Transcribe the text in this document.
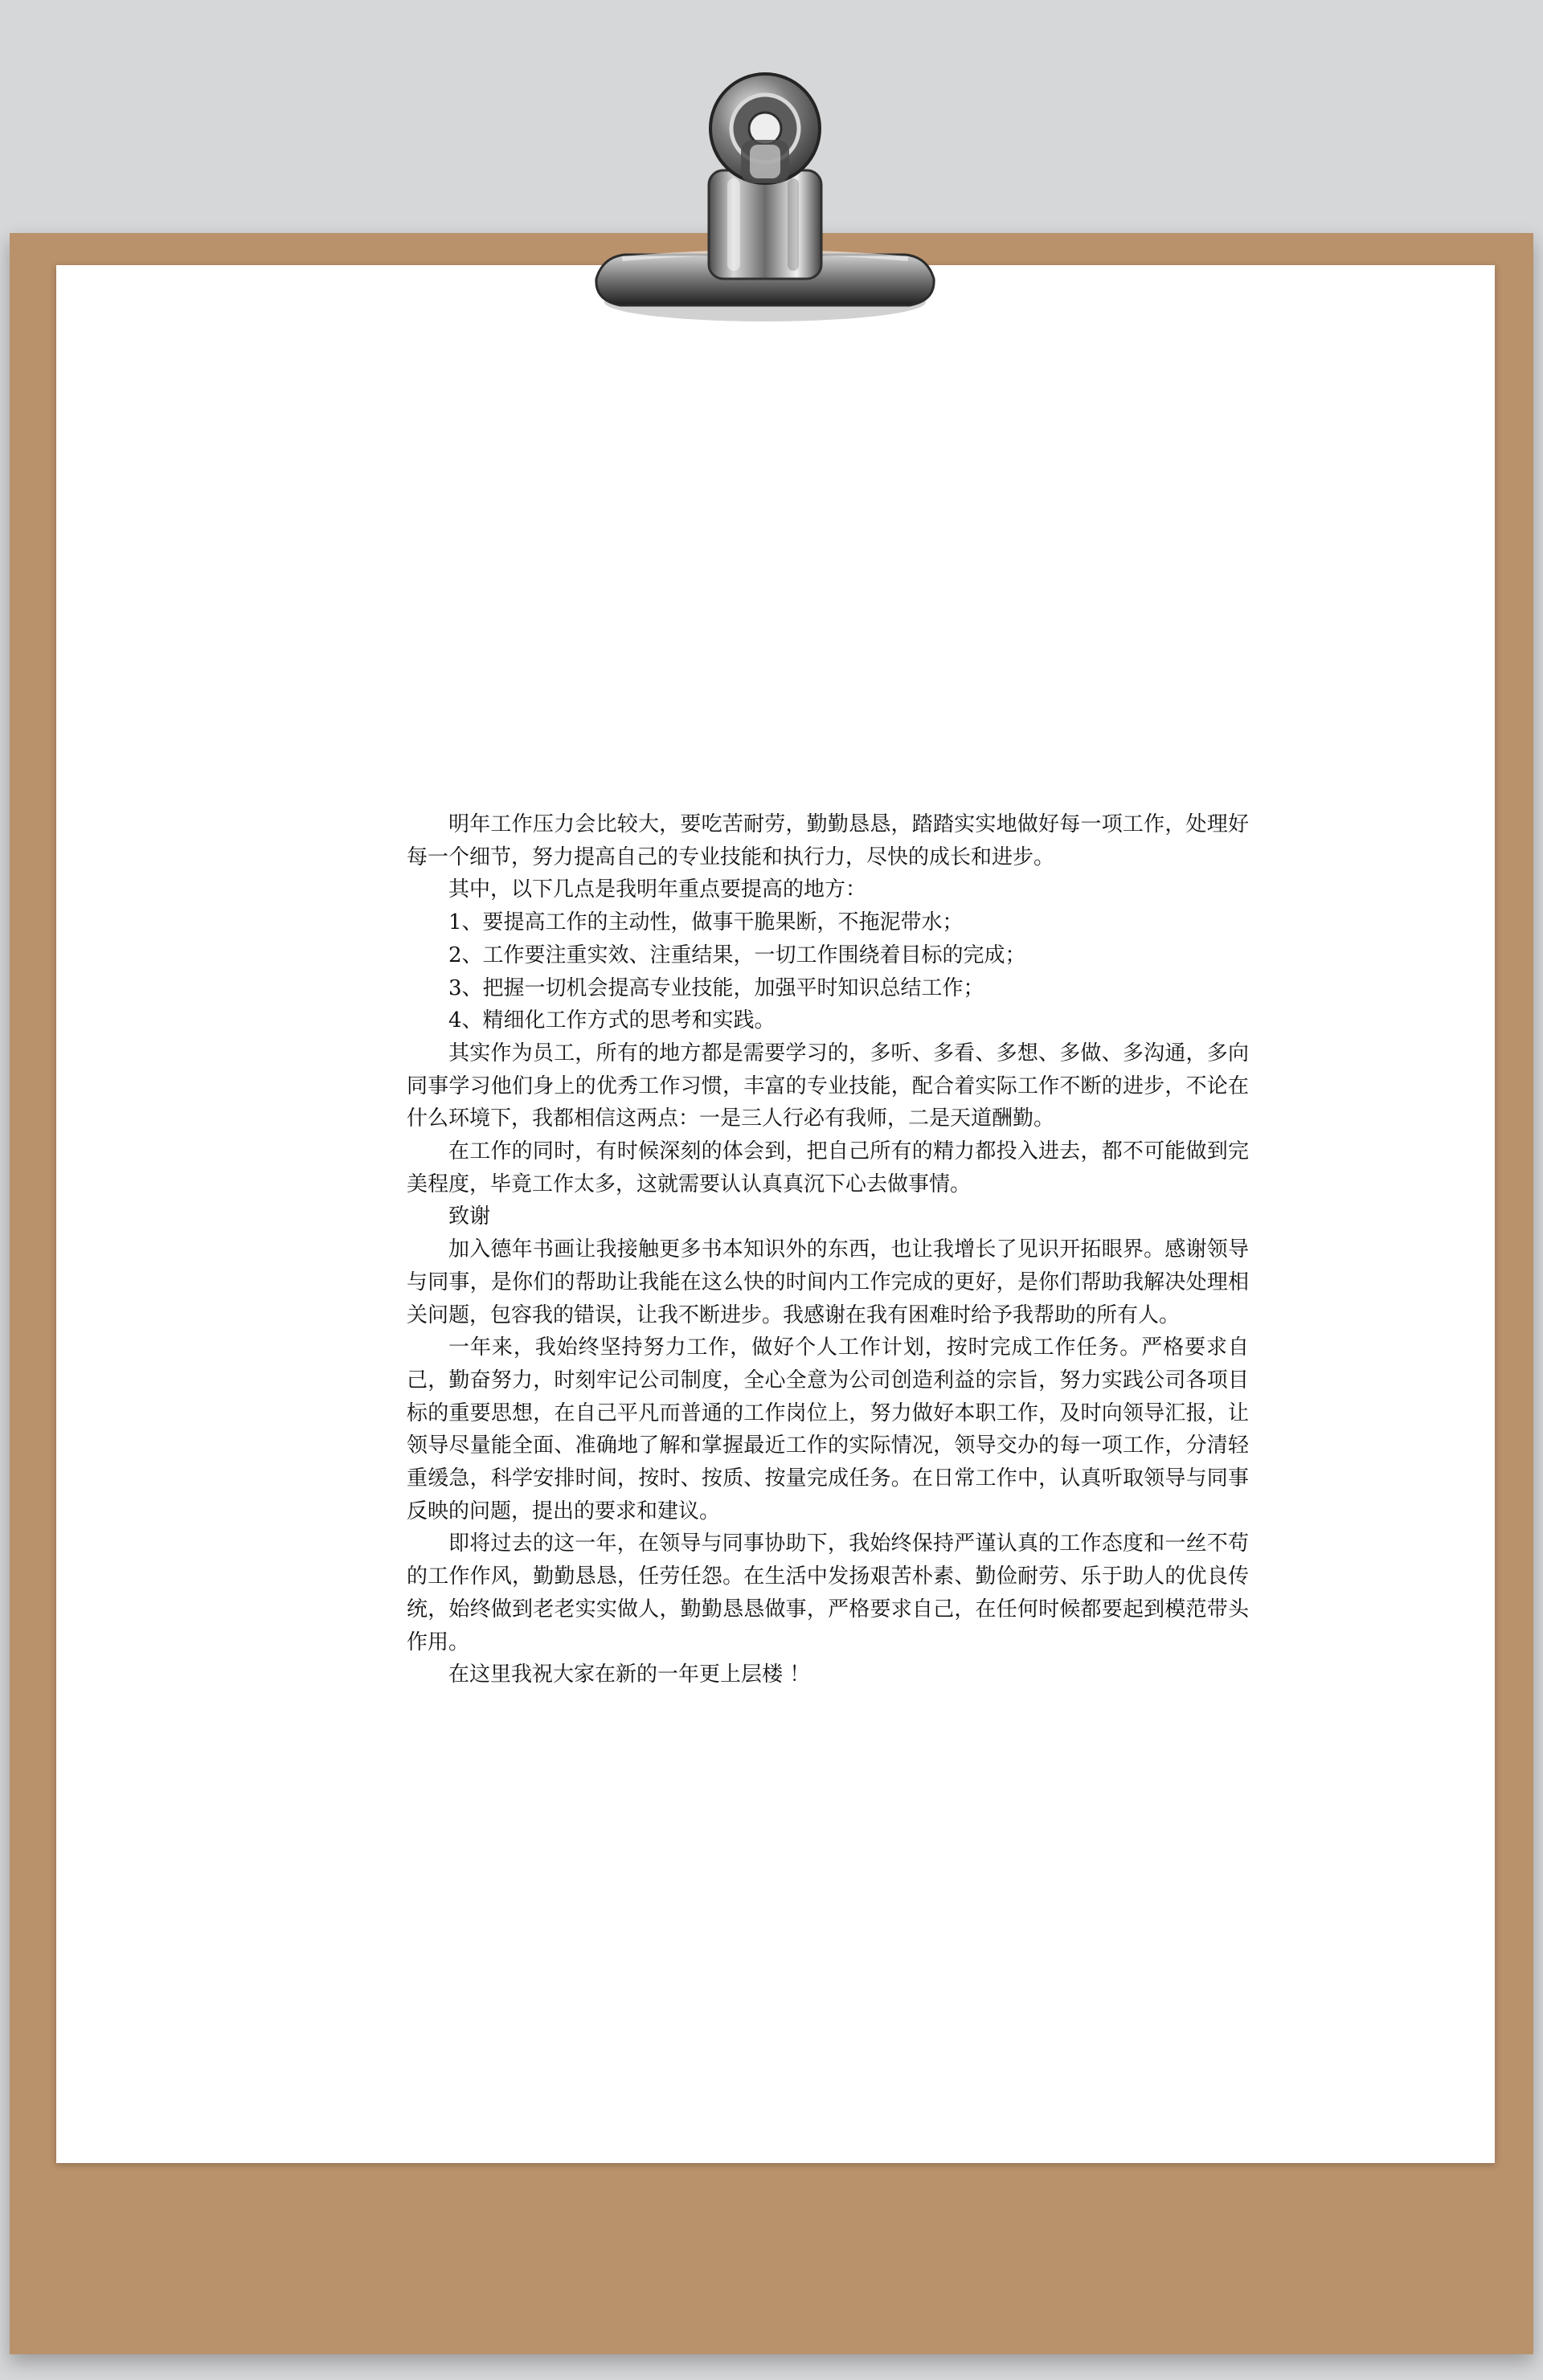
明年工作压力会比较大，要吃苦耐劳，勤勤恳恳，踏踏实实地做好每一项工作，处理好每一个细节，努力提高自己的专业技能和执行力，尽快的成长和进步。

其中，以下几点是我明年重点要提高的地方：

1、要提高工作的主动性，做事干脆果断，不拖泥带水；

2、工作要注重实效、注重结果，一切工作围绕着目标的完成；

3、把握一切机会提高专业技能，加强平时知识总结工作；

4、精细化工作方式的思考和实践。

其实作为员工，所有的地方都是需要学习的，多听、多看、多想、多做、多沟通，多向同事学习他们身上的优秀工作习惯，丰富的专业技能，配合着实际工作不断的进步，不论在什么环境下，我都相信这两点：一是三人行必有我师，二是天道酬勤。

在工作的同时，有时候深刻的体会到，把自己所有的精力都投入进去，都不可能做到完美程度，毕竟工作太多，这就需要认认真真沉下心去做事情。

致谢

加入德年书画让我接触更多书本知识外的东西，也让我增长了见识开拓眼界。感谢领导与同事，是你们的帮助让我能在这么快的时间内工作完成的更好，是你们帮助我解决处理相关问题，包容我的错误，让我不断进步。我感谢在我有困难时给予我帮助的所有人。

一年来，我始终坚持努力工作，做好个人工作计划，按时完成工作任务。严格要求自己，勤奋努力，时刻牢记公司制度，全心全意为公司创造利益的宗旨，努力实践公司各项目标的重要思想，在自己平凡而普通的工作岗位上，努力做好本职工作，及时向领导汇报，让领导尽量能全面、准确地了解和掌握最近工作的实际情况，领导交办的每一项工作，分清轻重缓急，科学安排时间，按时、按质、按量完成任务。在日常工作中，认真听取领导与同事反映的问题，提出的要求和建议。

即将过去的这一年，在领导与同事协助下，我始终保持严谨认真的工作态度和一丝不苟的工作作风，勤勤恳恳，任劳任怨。在生活中发扬艰苦朴素、勤俭耐劳、乐于助人的优良传统，始终做到老老实实做人，勤勤恳恳做事，严格要求自己，在任何时候都要起到模范带头作用。

在这里我祝大家在新的一年更上层楼 ！
